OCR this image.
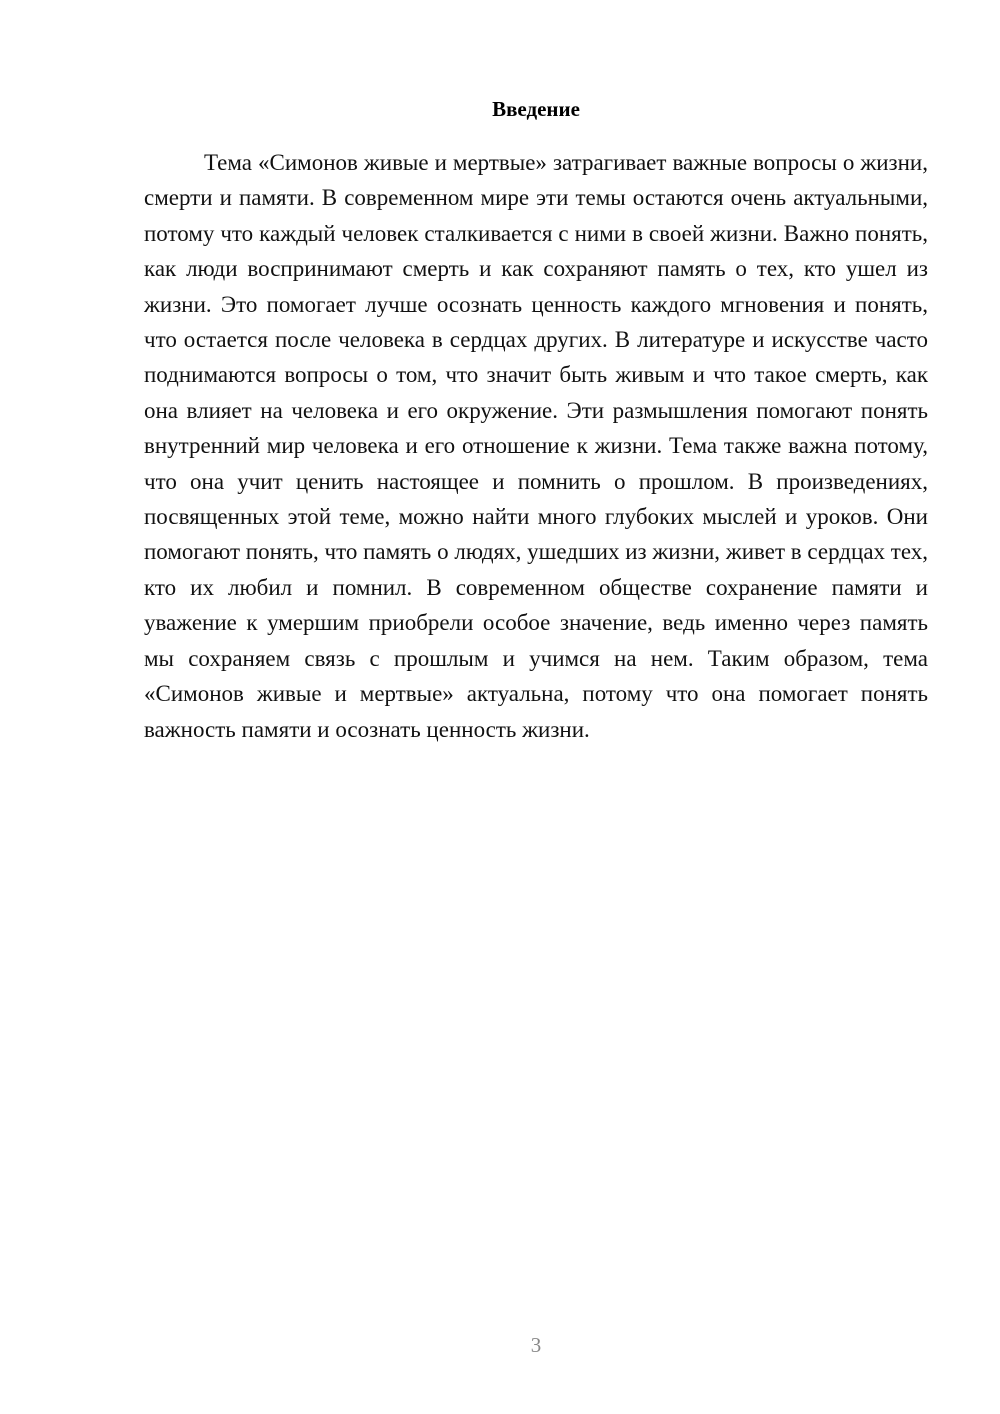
Введение

Тема «Симонов живые и мертвые» затрагивает важные вопросы о жизни, смерти и памяти. В современном мире эти темы остаются очень актуальными, потому что каждый человек сталкивается с ними в своей жизни. Важно понять, как люди воспринимают смерть и как сохраняют память о тех, кто ушел из жизни. Это помогает лучше осознать ценность каждого мгновения и понять, что остается после человека в сердцах других. В литературе и искусстве часто поднимаются вопросы о том, что значит быть живым и что такое смерть, как она влияет на человека и его окружение. Эти размышления помогают понять внутренний мир человека и его отношение к жизни. Тема также важна потому, что она учит ценить настоящее и помнить о прошлом. В произведениях, посвященных этой теме, можно найти много глубоких мыслей и уроков. Они помогают понять, что память о людях, ушедших из жизни, живет в сердцах тех, кто их любил и помнил. В современном обществе сохранение памяти и уважение к умершим приобрели особое значение, ведь именно через память мы сохраняем связь с прошлым и учимся на нем. Таким образом, тема «Симонов живые и мертвые» актуальна, потому что она помогает понять важность памяти и осознать ценность жизни.

3
